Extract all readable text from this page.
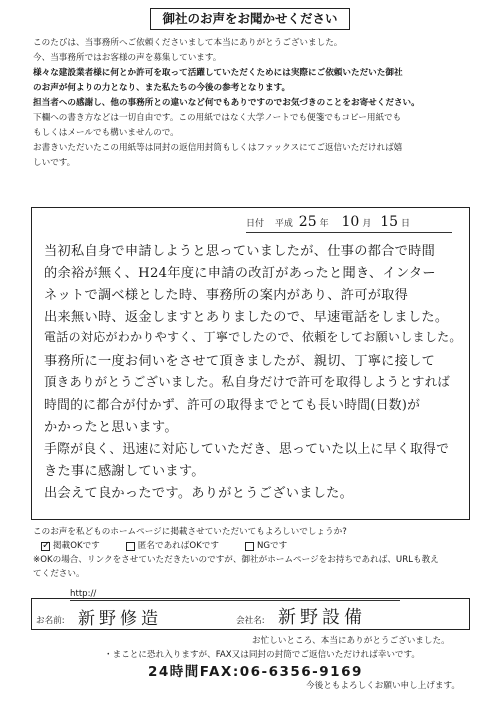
御社のお声をお聞かせください

このたびは、当事務所へご依頼くださいまして本当にありがとうございました。

今、当事務所ではお客様の声を募集しています。

様々な建設業者様に何とか許可を取って活躍していただくためには実際にご依頼いただいた御社

のお声が何よりの力となり、また私たちの今後の参考となります。

担当者への感謝し、他の事務所との違いなど何でもありですのでお気づきのことをお寄せください。

下欄への書き方などは一切自由です。この用紙ではなく大学ノートでも便箋でもコピー用紙でも

もしくはメールでも構いませんので。

お書きいただいたこの用紙等は同封の返信用封筒もしくはファックスにてご返信いただければ嬉

しいです。

日付 平成 25 年 10 月 15 日
当初私自身で申請しようと思っていましたが、仕事の都合で時間
的余裕が無く、H24年度に申請の改訂があったと聞き、インター
ネットで調べ様とした時、事務所の案内があり、許可が取得
出来無い時、返金しますとありましたので、早速電話をしました。
電話の対応がわかりやすく、丁寧でしたので、依頼をしてお願いしました。
事務所に一度お伺いをさせて頂きましたが、親切、丁寧に接して
頂きありがとうございました。私自身だけで許可を取得しようとすれば
時間的に都合が付かず、許可の取得までとても長い時間(日数)が
かかったと思います。
手際が良く、迅速に対応していただき、思っていた以上に早く取得で
きた事に感謝しています。
出会えて良かったです。ありがとうございました。

このお声を私どものホームページに掲載させていただいてもよろしいでしょうか?

✓ 掲載OKです	匿名であればOKです	NGです

※OKの場合、リンクをさせていただきたいのですが、御社がホームページをお持ちであれば、URLも教え

てください。

http://
お名前: 新野修造	会社名: 新野設備
お忙しいところ、本当にありがとうございました。
・まことに恐れ入りますが、FAX又は同封の封筒でご返信いただければ幸いです。
24時間FAX:06-6356-9169
今後ともよろしくお願い申し上げます。
